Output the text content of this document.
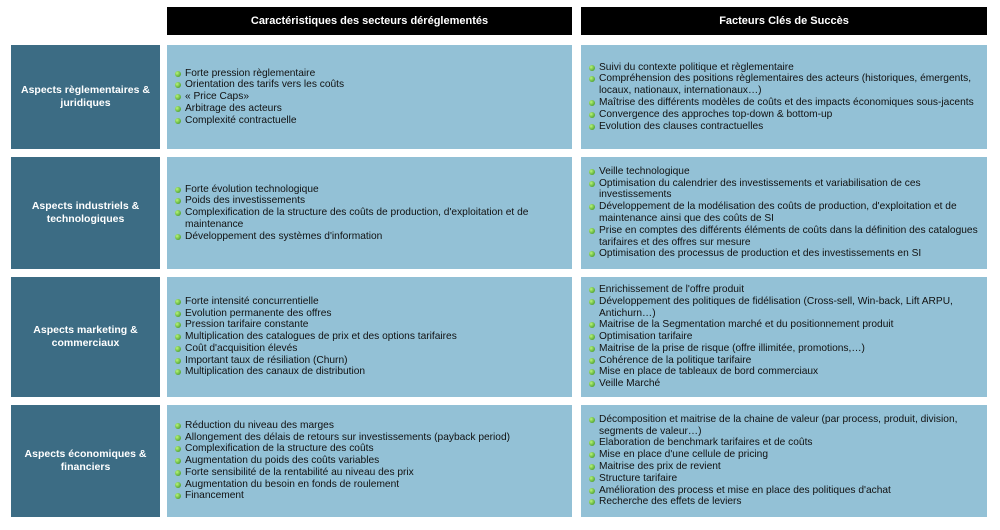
Caractéristiques des secteurs déréglementés	Facteurs Clés de Succès
Aspects règlementaires & juridiques
Forte pression règlementaire
Orientation des tarifs vers les coûts
« Price Caps»
Arbitrage des acteurs
Complexité contractuelle
Suivi du contexte politique et règlementaire
Compréhension des positions règlementaires des acteurs (historiques, émergents, locaux, nationaux, internationaux…)
Maîtrise des différents modèles de coûts et des impacts économiques sous-jacents
Convergence des approches top-down & bottom-up
Evolution des clauses contractuelles
Aspects industriels & technologiques
Forte évolution technologique
Poids des investissements
Complexification de la structure des coûts de production, d'exploitation et de maintenance
Développement des systèmes d'information
Veille technologique
Optimisation du calendrier des investissements et variabilisation de ces investissements
Développement de la modélisation des coûts de production, d'exploitation et de maintenance ainsi que des coûts de SI
Prise en comptes des différents éléments de coûts dans la définition des catalogues tarifaires et des offres sur mesure
Optimisation des processus de production et des investissements en SI
Aspects marketing & commerciaux
Forte intensité concurrentielle
Evolution permanente des offres
Pression tarifaire constante
Multiplication des catalogues de prix et des options tarifaires
Coût d'acquisition élevés
Important taux de résiliation (Churn)
Multiplication des canaux de distribution
Enrichissement de l'offre produit
Développement des politiques de fidélisation (Cross-sell, Win-back, Lift ARPU, Antichurn…)
Maitrise de la Segmentation marché et du positionnement produit
Optimisation tarifaire
Maitrise de la prise de risque (offre illimitée, promotions,…)
Cohérence de la politique tarifaire
Mise en place de tableaux de bord commerciaux
Veille Marché
Aspects économiques & financiers
Réduction du niveau des marges
Allongement des délais de retours sur investissements (payback period)
Complexification de la structure des coûts
Augmentation du poids des coûts variables
Forte sensibilité de la rentabilité au niveau des prix
Augmentation du besoin en fonds de roulement
Financement
Décomposition et maitrise de la chaine de valeur (par process, produit, division, segments de valeur…)
Elaboration de benchmark tarifaires et de coûts
Mise en place d'une cellule de pricing
Maitrise des prix de revient
Structure tarifaire
Amélioration des process et mise en place des politiques d'achat
Recherche des effets de leviers
